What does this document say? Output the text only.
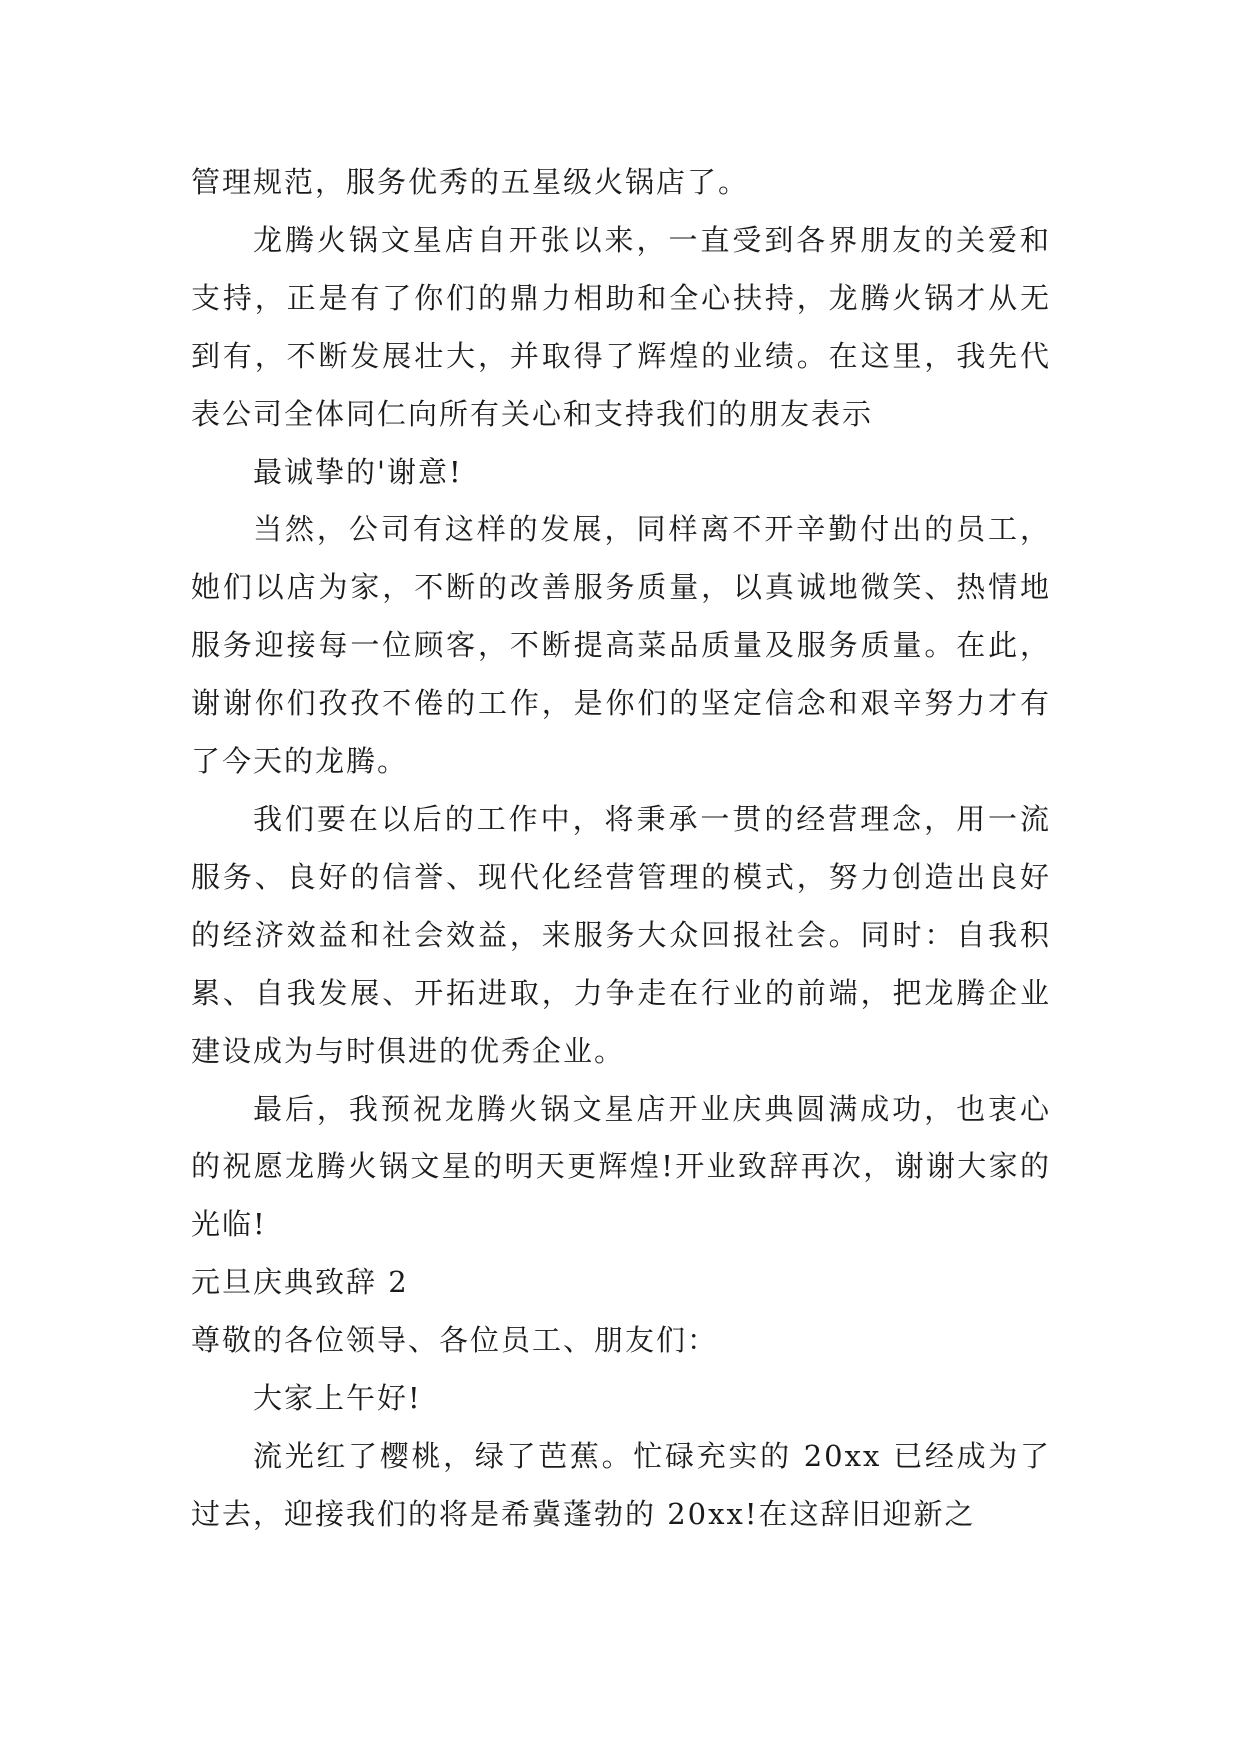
管理规范，服务优秀的五星级火锅店了。

龙腾火锅文星店自开张以来，一直受到各界朋友的关爱和支持，正是有了你们的鼎力相助和全心扶持，龙腾火锅才从无到有，不断发展壮大，并取得了辉煌的业绩。在这里，我先代表公司全体同仁向所有关心和支持我们的朋友表示

最诚挚的'谢意!

当然，公司有这样的发展，同样离不开辛勤付出的员工，她们以店为家，不断的改善服务质量，以真诚地微笑、热情地服务迎接每一位顾客，不断提高菜品质量及服务质量。在此，谢谢你们孜孜不倦的工作，是你们的坚定信念和艰辛努力才有了今天的龙腾。

我们要在以后的工作中，将秉承一贯的经营理念，用一流服务、良好的信誉、现代化经营管理的模式，努力创造出良好的经济效益和社会效益，来服务大众回报社会。同时：自我积累、自我发展、开拓进取，力争走在行业的前端，把龙腾企业建设成为与时俱进的优秀企业。

最后，我预祝龙腾火锅文星店开业庆典圆满成功，也衷心的祝愿龙腾火锅文星的明天更辉煌!开业致辞再次，谢谢大家的光临!

元旦庆典致辞 2

尊敬的各位领导、各位员工、朋友们：

大家上午好!

流光红了樱桃，绿了芭蕉。忙碌充实的 20xx 已经成为了过去，迎接我们的将是希冀蓬勃的 20xx!在这辞旧迎新之
